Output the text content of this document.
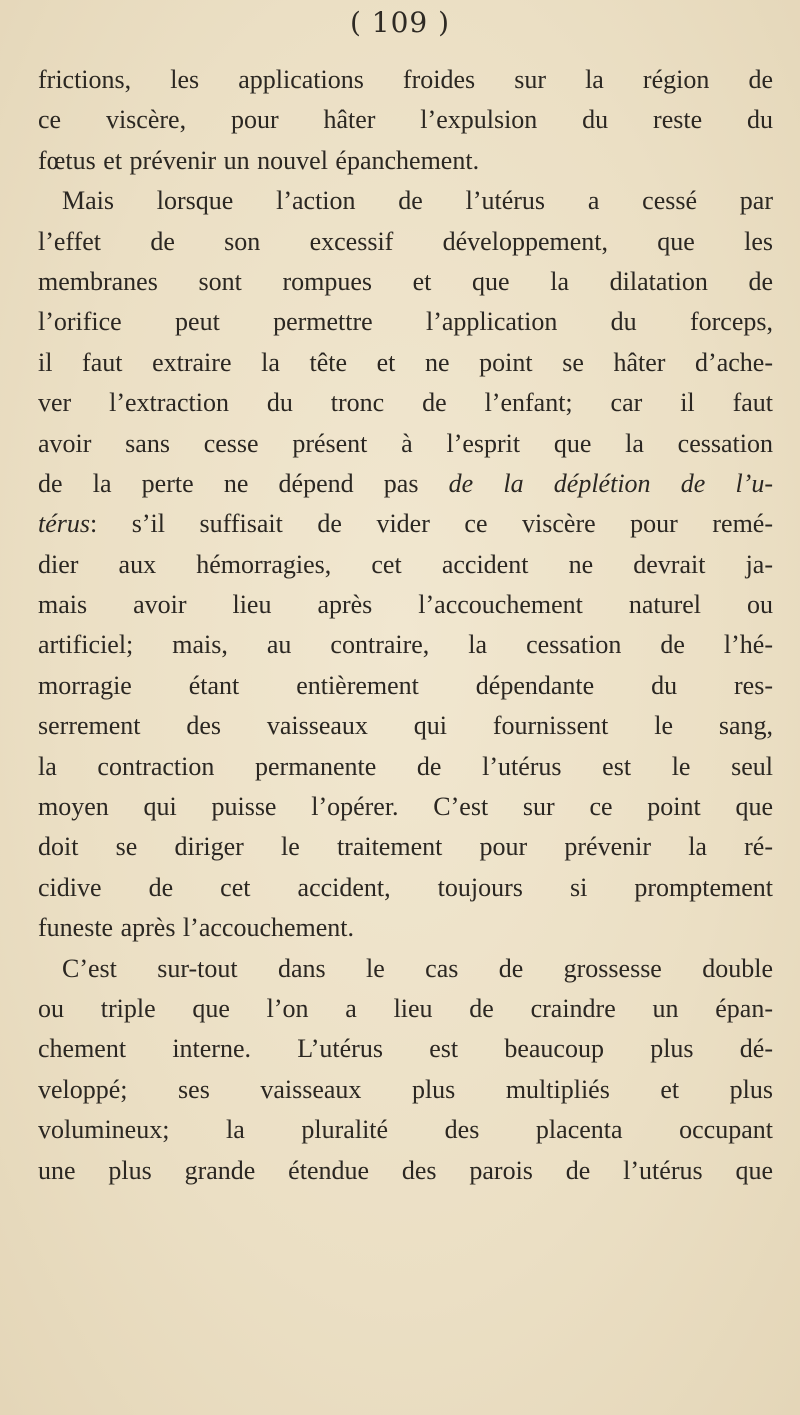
( 109 )
frictions, les applications froides sur la région de
ce viscère, pour hâter l’expulsion du reste du
fœtus et prévenir un nouvel épanchement.
Mais lorsque l’action de l’utérus a cessé par
l’effet de son excessif développement, que les
membranes sont rompues et que la dilatation de
l’orifice peut permettre l’application du forceps,
il faut extraire la tête et ne point se hâter d’ache-
ver l’extraction du tronc de l’enfant; car il faut
avoir sans cesse présent à l’esprit que la cessation
de la perte ne dépend pas de la déplétion de l’u-
térus: s’il suffisait de vider ce viscère pour remé-
dier aux hémorragies, cet accident ne devrait ja-
mais avoir lieu après l’accouchement naturel ou
artificiel; mais, au contraire, la cessation de l’hé-
morragie étant entièrement dépendante du res-
serrement des vaisseaux qui fournissent le sang,
la contraction permanente de l’utérus est le seul
moyen qui puisse l’opérer. C’est sur ce point que
doit se diriger le traitement pour prévenir la ré-
cidive de cet accident, toujours si promptement
funeste après l’accouchement.
C’est sur-tout dans le cas de grossesse double
ou triple que l’on a lieu de craindre un épan-
chement interne. L’utérus est beaucoup plus dé-
veloppé; ses vaisseaux plus multipliés et plus
volumineux; la pluralité des placenta occupant
une plus grande étendue des parois de l’utérus que
